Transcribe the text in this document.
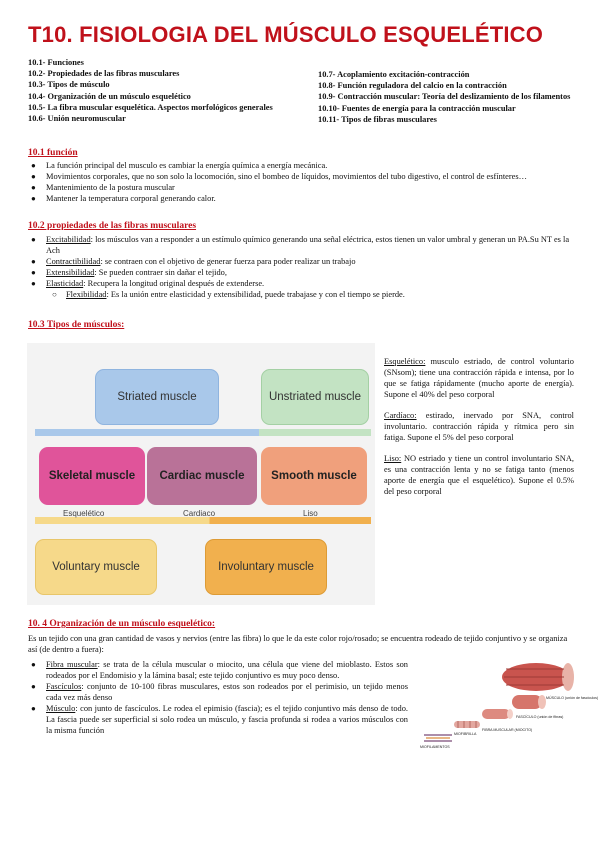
T10. FISIOLOGIA DEL MÚSCULO ESQUELÉTICO
10.1- Funciones
10.2- Propiedades de las fibras musculares
10.3- Tipos de músculo
10.4- Organización de un músculo esquelético
10.5- La fibra muscular esquelética. Aspectos morfológicos generales
10.6- Unión neuromuscular
10.7- Acoplamiento excitación-contracción
10.8- Función reguladora del calcio en la contracción
10.9- Contracción muscular: Teoría del deslizamiento de los filamentos
10.10- Fuentes de energía para la contracción muscular
10.11- Tipos de fibras musculares
10.1 función
● La función principal del musculo es cambiar la energía química a energía mecánica.
● Movimientos corporales, que no son solo la locomoción, sino el bombeo de líquidos, movimientos del tubo digestivo, el control de esfínteres…
● Mantenimiento de la postura muscular
● Mantener la temperatura corporal generando calor.
10.2 propiedades de las fibras musculares
● Excitabilidad: los músculos van a responder a un estímulo químico generando una señal eléctrica, estos tienen un valor umbral y generan un PA.Su NT es la Ach
● Contractibilidad: se contraen con el objetivo de generar fuerza para poder realizar un trabajo
● Extensibilidad: Se pueden contraer sin dañar el tejido,
● Elasticidad: Recupera la longitud original después de extenderse.
○ Flexibilidad: Es la unión entre elasticidad y extensibilidad, puede trabajase y con el tiempo se pierde.
10.3 Tipos de músculos:
Striated muscle	Unstriated muscle
Skeletal muscle	Cardiac muscle	Smooth muscle
Esquelético	Cardiaco	Liso
Voluntary muscle	Involuntary muscle
Esquelético: musculo estriado, de control voluntario (SNsom); tiene una contracción rápida e intensa, por lo que se fatiga rápidamente (mucho aporte de energía). Supone el 40% del peso corporal
Cardíaco: estirado, inervado por SNA, control involuntario. contracción rápida y rítmica pero sin fatiga. Supone el 5% del peso corporal
Liso: NO estriado y tiene un control involuntario SNA, es una contracción lenta y no se fatiga tanto (menos aporte de energía que el esquelético). Supone el 0.5% del peso corporal
10. 4 Organización de un músculo esquelético:
Es un tejido con una gran cantidad de vasos y nervios (entre las fibra) lo que le da este color rojo/rosado; se encuentra rodeado de tejido conjuntivo y se organiza así (de dentro a fuera):
● Fibra muscular: se trata de la célula muscular o miocito, una célula que viene del mioblasto. Estos son rodeados por el Endomisio y la lámina basal; este tejido conjuntivo es muy poco denso.
● Fascículos: conjunto de 10-100 fibras musculares, estos son rodeados por el perimisio, un tejido menos cada vez más denso
● Músculo: con junto de fascículos. Le rodea el epimisio (fascia); es el tejido conjuntivo más denso de todo. La fascia puede ser superficial si solo rodea un músculo, y fascia profunda si rodea a varios músculos con la misma función
MÚSCULO (unión de fascículos)
FASCÍCULO (unión de fibras)
FIBRA MUSCULAR (MIOCITO)
MIOFIBRILLA
MIOFILAMENTOS
